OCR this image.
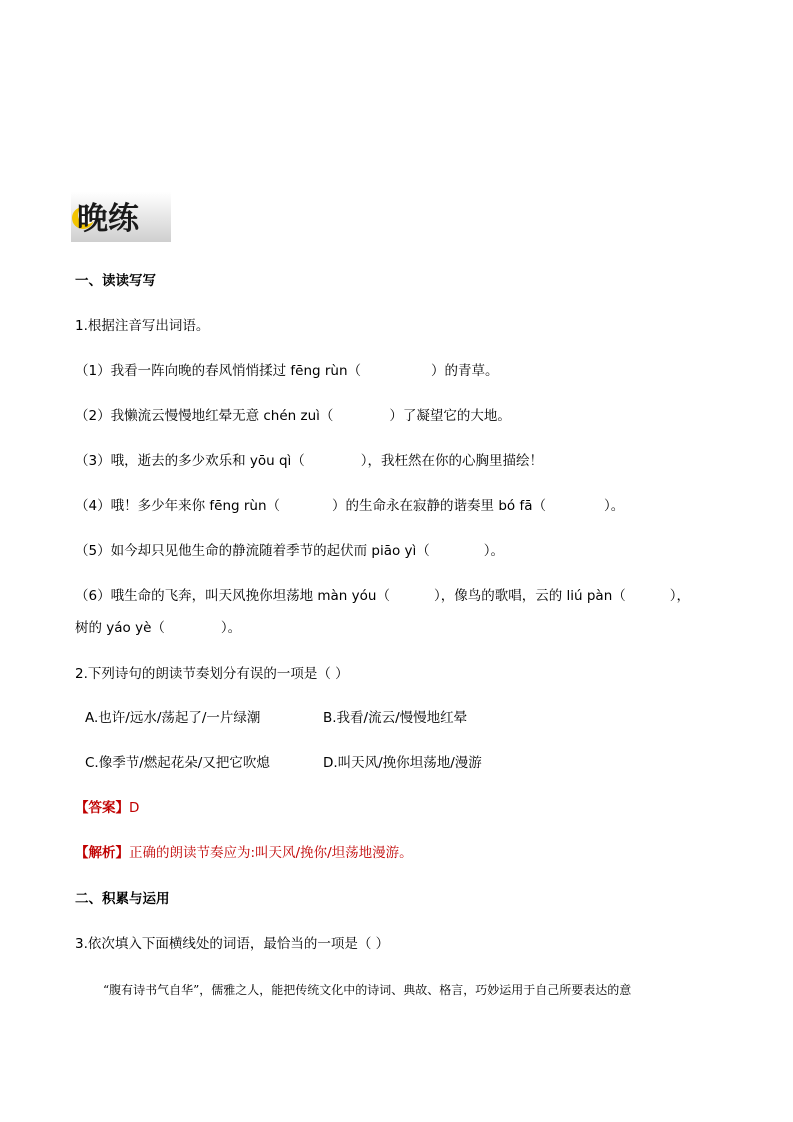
晚练
一、读读写写
1.根据注音写出词语。
（1）我看一阵向晚的春风悄悄揉过 fēng rùn（	）的青草。
（2）我懒流云慢慢地红晕无意 chén zuì（	）了凝望它的大地。
（3）哦，逝去的多少欢乐和 yōu qì（	），我枉然在你的心胸里描绘！
（4）哦！多少年来你 fēng rùn（	）的生命永在寂静的谐奏里 bó fā（	）。
（5）如今却只见他生命的静流随着季节的起伏而 piāo yì（	）。
（6）哦生命的飞奔，叫天风挽你坦荡地 màn yóu（	），像鸟的歌唱，云的 liú pàn（	），
树的 yáo yè（	）。
2.下列诗句的朗读节奏划分有误的一项是（ ）
A.也许/远水/荡起了/一片绿潮	B.我看/流云/慢慢地红晕
C.像季节/燃起花朵/又把它吹熄	D.叫天风/挽你坦荡地/漫游
【答案】D
【解析】正确的朗读节奏应为:叫天风/挽你/坦荡地漫游。
二、积累与运用
3.依次填入下面横线处的词语，最恰当的一项是（ ）
“腹有诗书气自华”，儒雅之人，能把传统文化中的诗词、典故、格言，巧妙运用于自己所要表达的意
